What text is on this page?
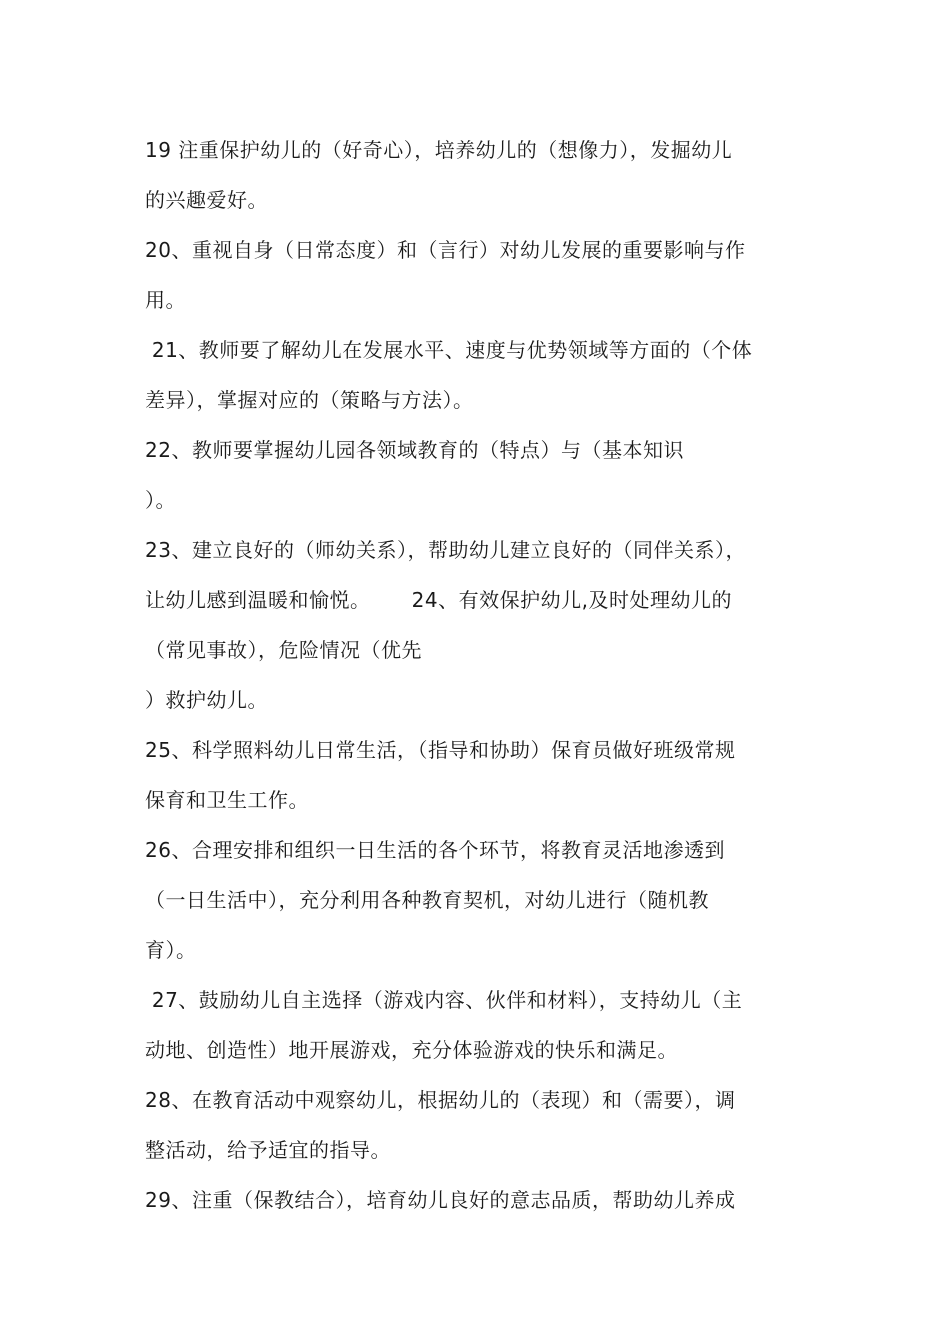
19 注重保护幼儿的（好奇心），培养幼儿的（想像力），发掘幼儿
的兴趣爱好。
20、重视自身（日常态度）和（言行）对幼儿发展的重要影响与作
用。
21、教师要了解幼儿在发展水平、速度与优势领域等方面的（个体
差异），掌握对应的（策略与方法）。
22、教师要掌握幼儿园各领域教育的（特点）与（基本知识
）。
23、建立良好的（师幼关系），帮助幼儿建立良好的（同伴关系），
让幼儿感到温暖和愉悦。      24、有效保护幼儿,及时处理幼儿的
（常见事故），危险情况（优先
）救护幼儿。
25、科学照料幼儿日常生活，（指导和协助）保育员做好班级常规
保育和卫生工作。
26、合理安排和组织一日生活的各个环节，将教育灵活地渗透到
（一日生活中），充分利用各种教育契机，对幼儿进行（随机教
育）。
27、鼓励幼儿自主选择（游戏内容、伙伴和材料），支持幼儿（主
动地、创造性）地开展游戏，充分体验游戏的快乐和满足。
28、在教育活动中观察幼儿，根据幼儿的（表现）和（需要），调
整活动，给予适宜的指导。
29、注重（保教结合），培育幼儿良好的意志品质，帮助幼儿养成
